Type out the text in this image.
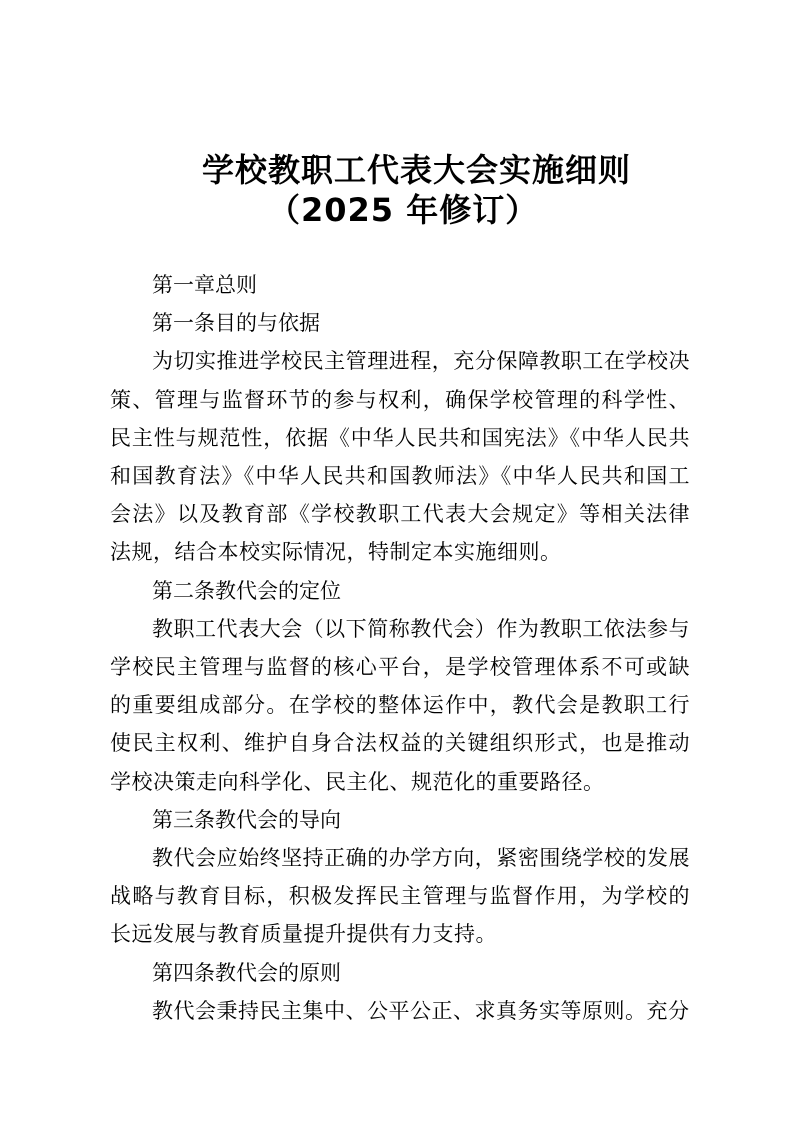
学校教职工代表大会实施细则
（2025 年修订）

第一章总则

第一条目的与依据

为切实推进学校民主管理进程，充分保障教职工在学校决策、管理与监督环节的参与权利，确保学校管理的科学性、民主性与规范性，依据《中华人民共和国宪法》《中华人民共和国教育法》《中华人民共和国教师法》《中华人民共和国工会法》以及教育部《学校教职工代表大会规定》等相关法律法规，结合本校实际情况，特制定本实施细则。

第二条教代会的定位

教职工代表大会（以下简称教代会）作为教职工依法参与学校民主管理与监督的核心平台，是学校管理体系不可或缺的重要组成部分。在学校的整体运作中，教代会是教职工行使民主权利、维护自身合法权益的关键组织形式，也是推动学校决策走向科学化、民主化、规范化的重要路径。

第三条教代会的导向

教代会应始终坚持正确的办学方向，紧密围绕学校的发展战略与教育目标，积极发挥民主管理与监督作用，为学校的长远发展与教育质量提升提供有力支持。

第四条教代会的原则

教代会秉持民主集中、公平公正、求真务实等原则。充分
